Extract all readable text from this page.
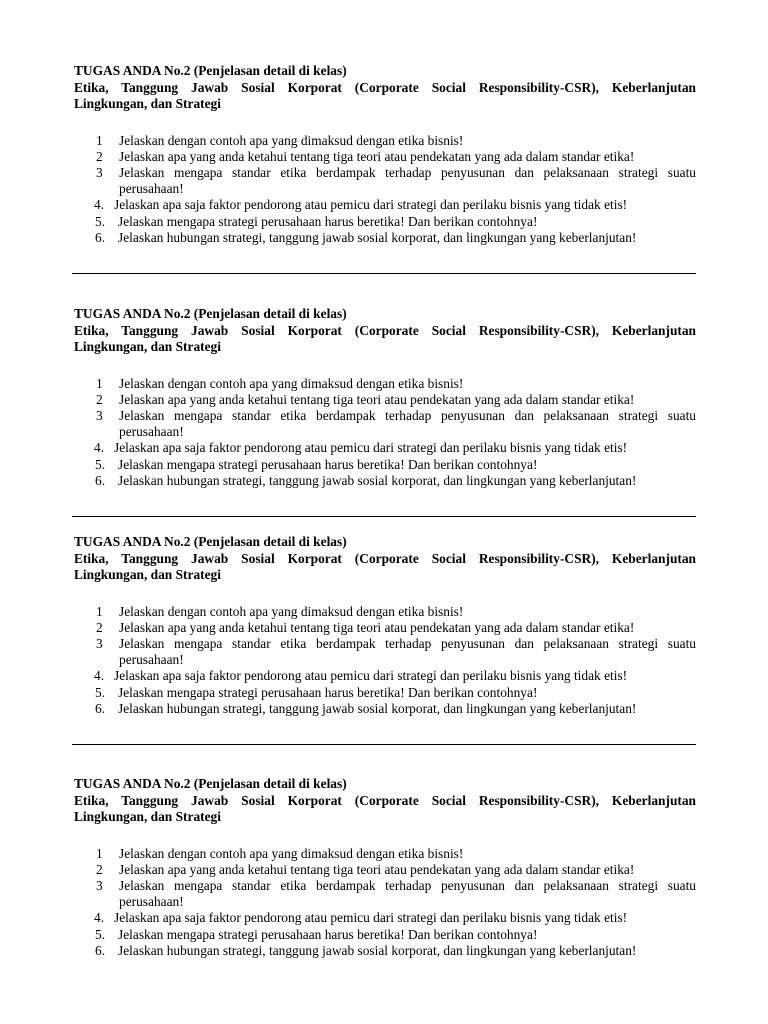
TUGAS ANDA No.2 (Penjelasan detail di kelas)

Etika, Tanggung Jawab Sosial Korporat (Corporate Social Responsibility-CSR), Keberlanjutan Lingkungan, dan Strategi

1 Jelaskan dengan contoh apa yang dimaksud dengan etika bisnis!
2 Jelaskan apa yang anda ketahui tentang tiga teori atau pendekatan yang ada dalam standar etika!
3 Jelaskan mengapa standar etika berdampak terhadap penyusunan dan pelaksanaan strategi suatu perusahaan!
4. Jelaskan apa saja faktor pendorong atau pemicu dari strategi dan perilaku bisnis yang tidak etis!
5. Jelaskan mengapa strategi perusahaan harus beretika! Dan berikan contohnya!
6. Jelaskan hubungan strategi, tanggung jawab sosial korporat, dan lingkungan yang keberlanjutan!

TUGAS ANDA No.2 (Penjelasan detail di kelas)

Etika, Tanggung Jawab Sosial Korporat (Corporate Social Responsibility-CSR), Keberlanjutan Lingkungan, dan Strategi

1 Jelaskan dengan contoh apa yang dimaksud dengan etika bisnis!
2 Jelaskan apa yang anda ketahui tentang tiga teori atau pendekatan yang ada dalam standar etika!
3 Jelaskan mengapa standar etika berdampak terhadap penyusunan dan pelaksanaan strategi suatu perusahaan!
4. Jelaskan apa saja faktor pendorong atau pemicu dari strategi dan perilaku bisnis yang tidak etis!
5. Jelaskan mengapa strategi perusahaan harus beretika! Dan berikan contohnya!
6. Jelaskan hubungan strategi, tanggung jawab sosial korporat, dan lingkungan yang keberlanjutan!

TUGAS ANDA No.2 (Penjelasan detail di kelas)

Etika, Tanggung Jawab Sosial Korporat (Corporate Social Responsibility-CSR), Keberlanjutan Lingkungan, dan Strategi

1 Jelaskan dengan contoh apa yang dimaksud dengan etika bisnis!
2 Jelaskan apa yang anda ketahui tentang tiga teori atau pendekatan yang ada dalam standar etika!
3 Jelaskan mengapa standar etika berdampak terhadap penyusunan dan pelaksanaan strategi suatu perusahaan!
4. Jelaskan apa saja faktor pendorong atau pemicu dari strategi dan perilaku bisnis yang tidak etis!
5. Jelaskan mengapa strategi perusahaan harus beretika! Dan berikan contohnya!
6. Jelaskan hubungan strategi, tanggung jawab sosial korporat, dan lingkungan yang keberlanjutan!

TUGAS ANDA No.2 (Penjelasan detail di kelas)

Etika, Tanggung Jawab Sosial Korporat (Corporate Social Responsibility-CSR), Keberlanjutan Lingkungan, dan Strategi

1 Jelaskan dengan contoh apa yang dimaksud dengan etika bisnis!
2 Jelaskan apa yang anda ketahui tentang tiga teori atau pendekatan yang ada dalam standar etika!
3 Jelaskan mengapa standar etika berdampak terhadap penyusunan dan pelaksanaan strategi suatu perusahaan!
4. Jelaskan apa saja faktor pendorong atau pemicu dari strategi dan perilaku bisnis yang tidak etis!
5. Jelaskan mengapa strategi perusahaan harus beretika! Dan berikan contohnya!
6. Jelaskan hubungan strategi, tanggung jawab sosial korporat, dan lingkungan yang keberlanjutan!
